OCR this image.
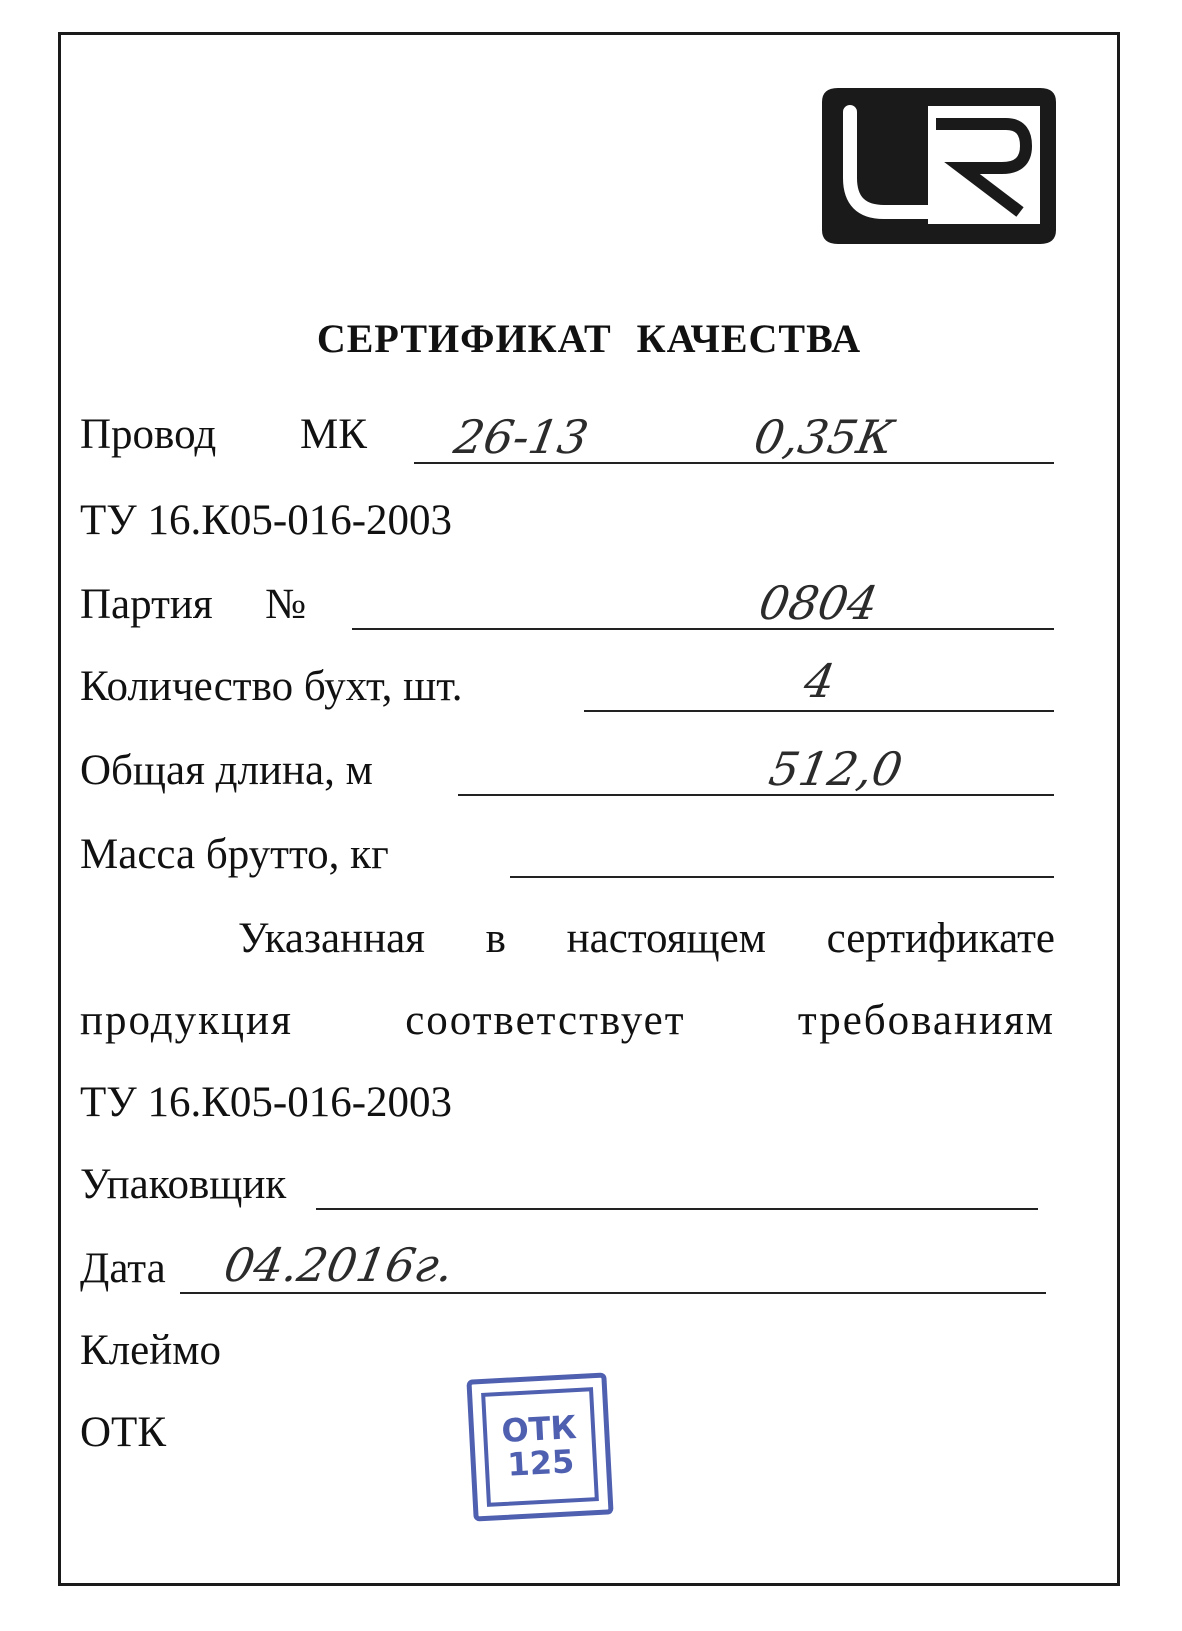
СЕРТИФИКАТ КАЧЕСТВА
Провод МК 26-13	0,35К
ТУ 16.К05-016-2003
Партия №	0804
Количество бухт, шт.	4
Общая длина, м	512,0
Масса брутто, кг
Указанная в настоящем сертификате
продукция соответствует требованиям
ТУ 16.К05-016-2003
Упаковщик
Дата 04.2016г.
Клеймо
ОТК	ОТК
125
